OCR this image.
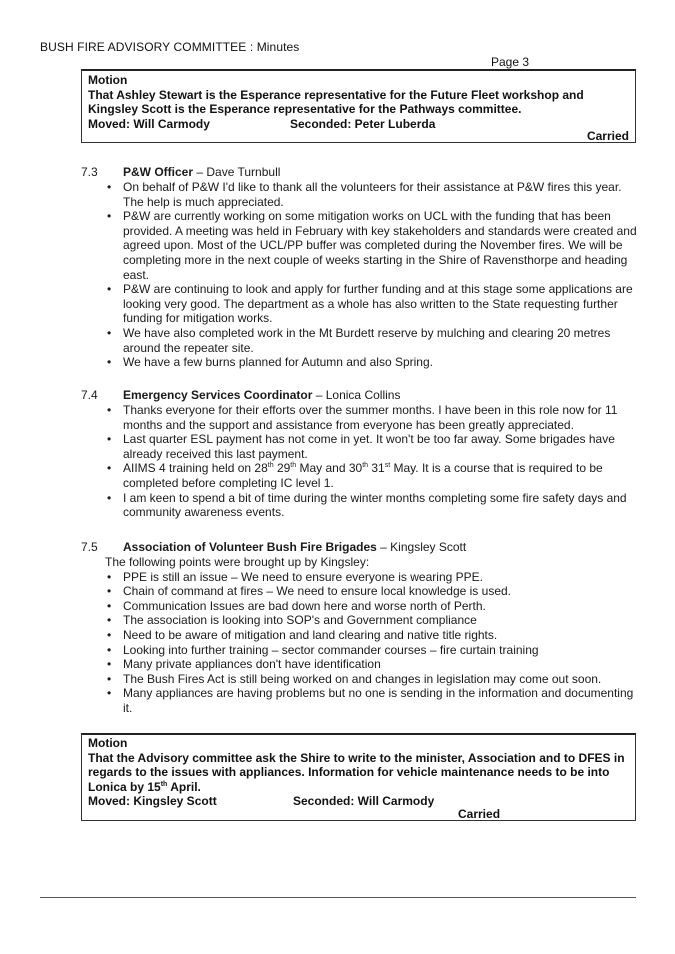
BUSH FIRE ADVISORY COMMITTEE : Minutes
Page 3
Motion
That Ashley Stewart is the Esperance representative for the Future Fleet workshop and Kingsley Scott is the Esperance representative for the Pathways committee.
Moved: Will Carmody	Seconded: Peter Luberda
Carried
7.3 P&W Officer – Dave Turnbull
• On behalf of P&W I'd like to thank all the volunteers for their assistance at P&W fires this year. The help is much appreciated.
• P&W are currently working on some mitigation works on UCL with the funding that has been provided. A meeting was held in February with key stakeholders and standards were created and agreed upon. Most of the UCL/PP buffer was completed during the November fires. We will be completing more in the next couple of weeks starting in the Shire of Ravensthorpe and heading east.
• P&W are continuing to look and apply for further funding and at this stage some applications are looking very good. The department as a whole has also written to the State requesting further funding for mitigation works.
• We have also completed work in the Mt Burdett reserve by mulching and clearing 20 metres around the repeater site.
• We have a few burns planned for Autumn and also Spring.
7.4 Emergency Services Coordinator – Lonica Collins
• Thanks everyone for their efforts over the summer months. I have been in this role now for 11 months and the support and assistance from everyone has been greatly appreciated.
• Last quarter ESL payment has not come in yet. It won't be too far away. Some brigades have already received this last payment.
• AIIMS 4 training held on 28th 29th May and 30th 31st May. It is a course that is required to be completed before completing IC level 1.
• I am keen to spend a bit of time during the winter months completing some fire safety days and community awareness events.
7.5 Association of Volunteer Bush Fire Brigades – Kingsley Scott
The following points were brought up by Kingsley:
• PPE is still an issue – We need to ensure everyone is wearing PPE.
• Chain of command at fires – We need to ensure local knowledge is used.
• Communication Issues are bad down here and worse north of Perth.
• The association is looking into SOP's and Government compliance
• Need to be aware of mitigation and land clearing and native title rights.
• Looking into further training – sector commander courses – fire curtain training
• Many private appliances don't have identification
• The Bush Fires Act is still being worked on and changes in legislation may come out soon.
• Many appliances are having problems but no one is sending in the information and documenting it.
Motion
That the Advisory committee ask the Shire to write to the minister, Association and to DFES in regards to the issues with appliances. Information for vehicle maintenance needs to be into Lonica by 15th April.
Moved: Kingsley Scott	Seconded: Will Carmody
Carried
